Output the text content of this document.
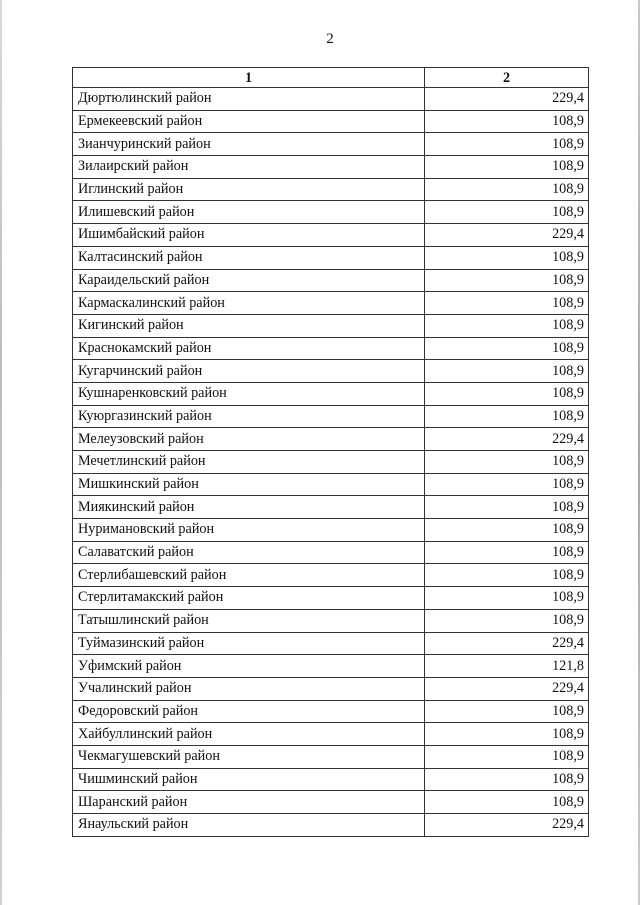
2
1	2
Дюртюлинский район	229,4
Ермекеевский район	108,9
Зианчуринский район	108,9
Зилаирский район	108,9
Иглинский район	108,9
Илишевский район	108,9
Ишимбайский район	229,4
Калтасинский район	108,9
Караидельский район	108,9
Кармаскалинский район	108,9
Кигинский район	108,9
Краснокамский район	108,9
Кугарчинский район	108,9
Кушнаренковский район	108,9
Куюргазинский район	108,9
Мелеузовский район	229,4
Мечетлинский район	108,9
Мишкинский район	108,9
Миякинский район	108,9
Нуримановский район	108,9
Салаватский район	108,9
Стерлибашевский район	108,9
Стерлитамакский район	108,9
Татышлинский район	108,9
Туймазинский район	229,4
Уфимский район	121,8
Учалинский район	229,4
Федоровский район	108,9
Хайбуллинский район	108,9
Чекмагушевский район	108,9
Чишминский район	108,9
Шаранский район	108,9
Янаульский район	229,4
